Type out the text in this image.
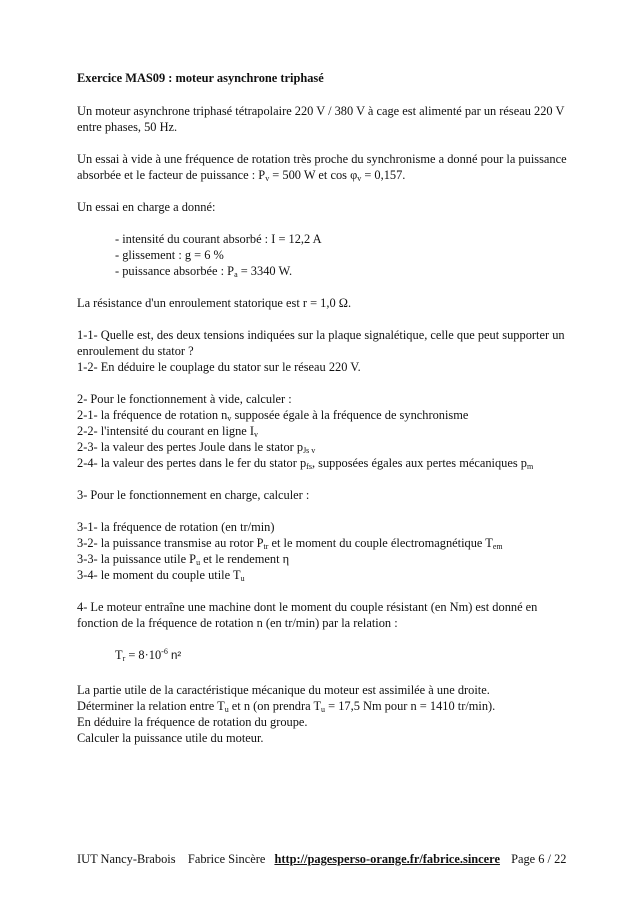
Exercice MAS09 : moteur asynchrone triphasé

Un moteur asynchrone triphasé tétrapolaire 220 V / 380 V à cage est alimenté par un réseau 220 V entre phases, 50 Hz.

Un essai à vide à une fréquence de rotation très proche du synchronisme a donné pour la puissance absorbée et le facteur de puissance : $P_v = 500$ W et $\cos \varphi_v = 0,157$.

Un essai en charge a donné:

- intensité du courant absorbé : I = 12,2 A
- glissement : g = 6 %
- puissance absorbée : $P_a = 3340$ W.

La résistance d'un enroulement statorique est r = 1,0 Ω.

1-1- Quelle est, des deux tensions indiquées sur la plaque signalétique, celle que peut supporter un enroulement du stator ?
1-2- En déduire le couplage du stator sur le réseau 220 V.
2- Pour le fonctionnement à vide, calculer :
2-1- la fréquence de rotation $n_v$ supposée égale à la fréquence de synchronisme
2-2- l'intensité du courant en ligne $I_v$
2-3- la valeur des pertes Joule dans le stator $p_{Js v}$
2-4- la valeur des pertes dans le fer du stator $p_{fs}$, supposées égales aux pertes mécaniques $p_m$

3- Pour le fonctionnement en charge, calculer :

3-1- la fréquence de rotation (en tr/min)
3-2- la puissance transmise au rotor $P_{tr}$ et le moment du couple électromagnétique $T_{em}$
3-3- la puissance utile $P_u$ et le rendement η
3-4- le moment du couple utile $T_u$

4- Le moteur entraîne une machine dont le moment du couple résistant (en Nm) est donné en fonction de la fréquence de rotation n (en tr/min) par la relation :

$T_r = 8\cdot 10^{-6}$ n²
La partie utile de la caractéristique mécanique du moteur est assimilée à une droite.
Déterminer la relation entre $T_u$ et n (on prendra $T_u = 17,5$ Nm pour n = 1410 tr/min).
En déduire la fréquence de rotation du groupe.
Calculer la puissance utile du moteur.
IUT Nancy-Brabois Fabrice Sincère http://pagesperso-orange.fr/fabrice.sincere Page 6 / 22
